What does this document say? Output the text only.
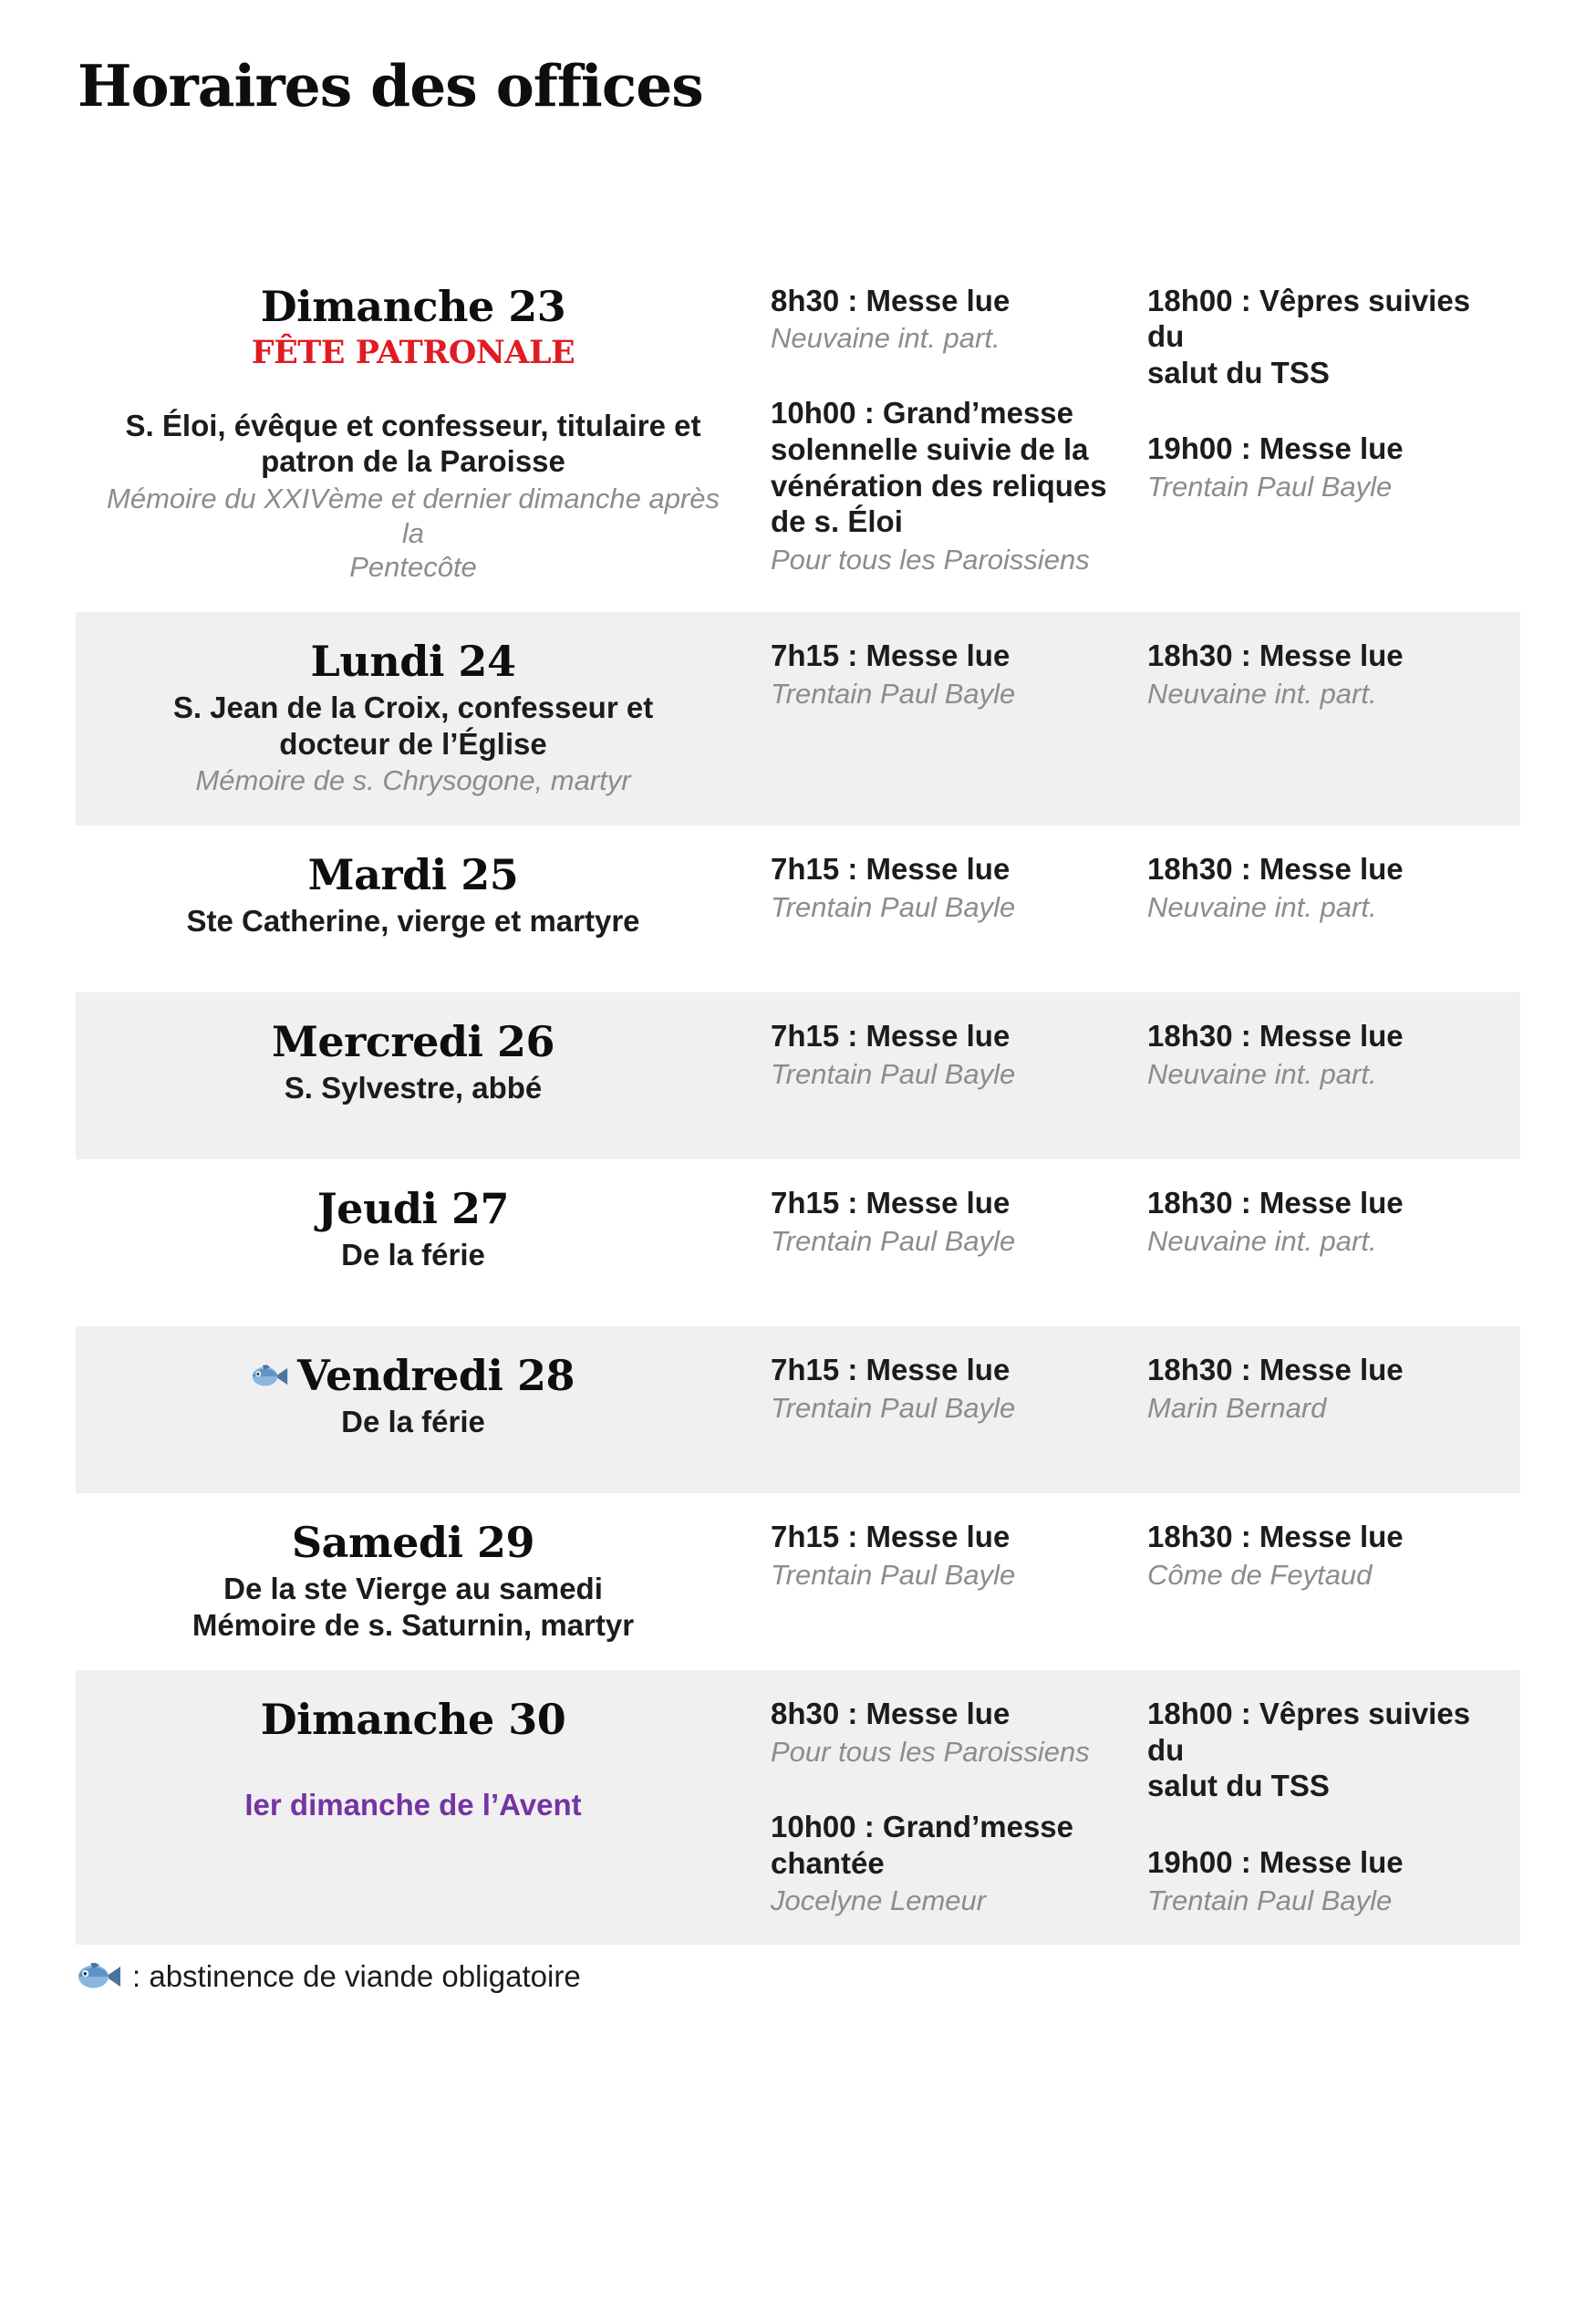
Horaires des offices
Dimanche 23
FÊTE PATRONALE
S. Éloi, évêque et confesseur, titulaire et
patron de la Paroisse
Mémoire du XXIVème et dernier dimanche après la
Pentecôte
8h30 : Messe lue
Neuvaine int. part.
10h00 : Grand’messe
solennelle suivie de la
vénération des reliques
de s. Éloi
Pour tous les Paroissiens
18h00 : Vêpres suivies du
salut du TSS
19h00 : Messe lue
Trentain Paul Bayle
Lundi 24
S. Jean de la Croix, confesseur et
docteur de l’Église
Mémoire de s. Chrysogone, martyr
7h15 : Messe lue
Trentain Paul Bayle
18h30 : Messe lue
Neuvaine int. part.
Mardi 25
Ste Catherine, vierge et martyre
7h15 : Messe lue
Trentain Paul Bayle
18h30 : Messe lue
Neuvaine int. part.
Mercredi 26
S. Sylvestre, abbé
7h15 : Messe lue
Trentain Paul Bayle
18h30 : Messe lue
Neuvaine int. part.
Jeudi 27
De la férie
7h15 : Messe lue
Trentain Paul Bayle
18h30 : Messe lue
Neuvaine int. part.
Vendredi 28
De la férie
7h15 : Messe lue
Trentain Paul Bayle
18h30 : Messe lue
Marin Bernard
Samedi 29
De la ste Vierge au samedi
Mémoire de s. Saturnin, martyr
7h15 : Messe lue
Trentain Paul Bayle
18h30 : Messe lue
Côme de Feytaud
Dimanche 30
Ier dimanche de l’Avent
8h30 : Messe lue
Pour tous les Paroissiens
10h00 : Grand’messe
chantée
Jocelyne Lemeur
18h00 : Vêpres suivies du
salut du TSS
19h00 : Messe lue
Trentain Paul Bayle
: abstinence de viande obligatoire
